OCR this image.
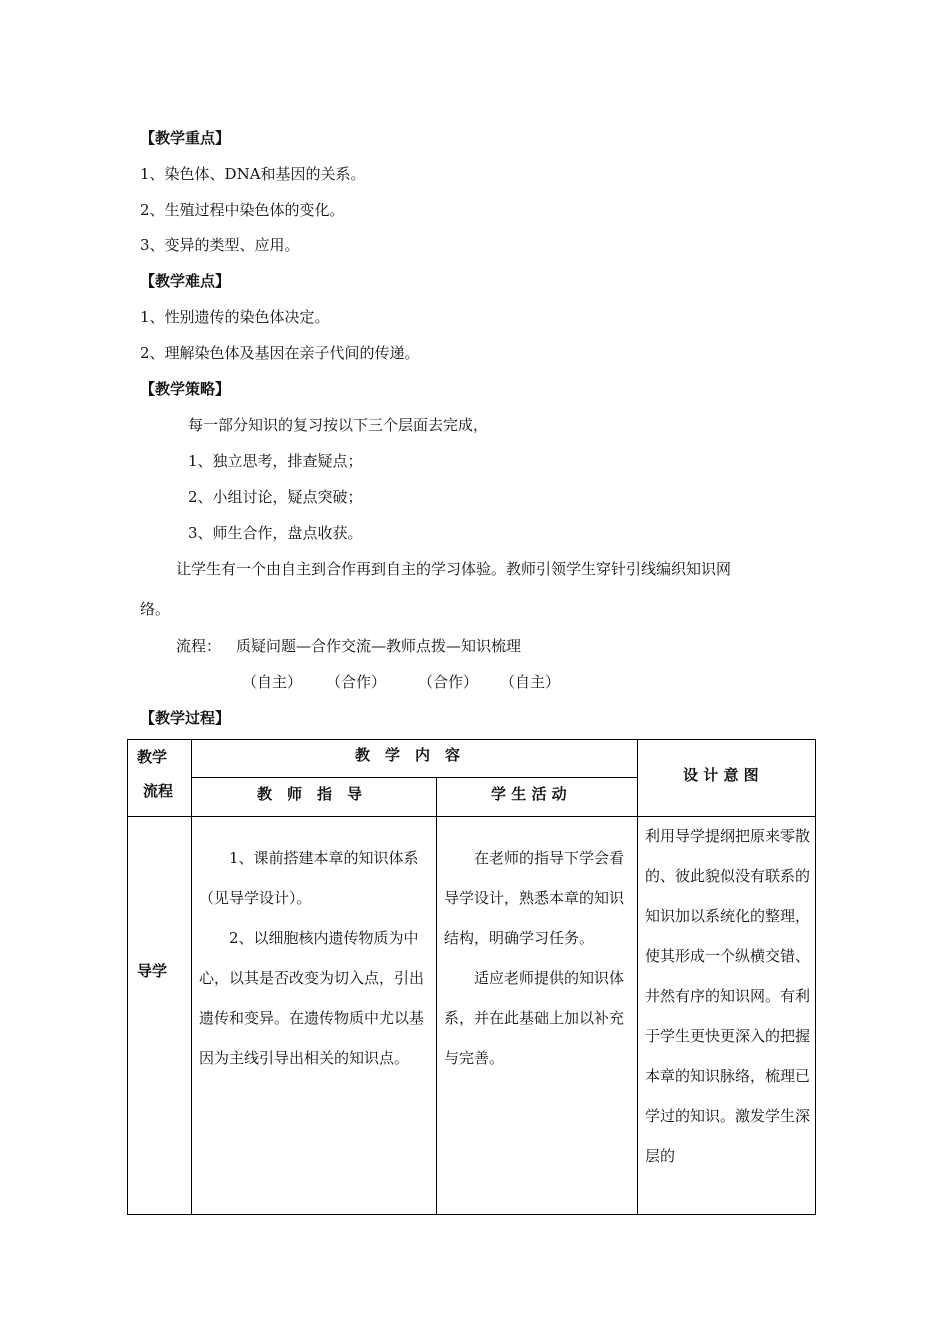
【教学重点】
1、染色体、DNA和基因的关系。
2、生殖过程中染色体的变化。
3、变异的类型、应用。
【教学难点】
1、性别遗传的染色体决定。
2、理解染色体及基因在亲子代间的传递。
【教学策略】
每一部分知识的复习按以下三个层面去完成，
1、独立思考，排查疑点；
2、小组讨论，疑点突破；
3、师生合作，盘点收获。
让学生有一个由自主到合作再到自主的学习体验。教师引领学生穿针引线编织知识网
络。
流程： 质疑问题—合作交流—教师点拨—知识梳理
（自主） （合作） （合作） （自主）
【教学过程】
教学
流程
教　学　内　容
教　师　指　导	学 生 活 动
设 计 意 图
导学

1、课前搭建本章的知识体系（见导学设计）。

2、以细胞核内遗传物质为中心，以其是否改变为切入点，引出遗传和变异。在遗传物质中尤以基因为主线引导出相关的知识点。

在老师的指导下学会看导学设计，熟悉本章的知识结构，明确学习任务。

适应老师提供的知识体系，并在此基础上加以补充与完善。

利用导学提纲把原来零散的、彼此貌似没有联系的知识加以系统化的整理，使其形成一个纵横交错、井然有序的知识网。有利于学生更快更深入的把握本章的知识脉络，梳理已学过的知识。激发学生深层的
